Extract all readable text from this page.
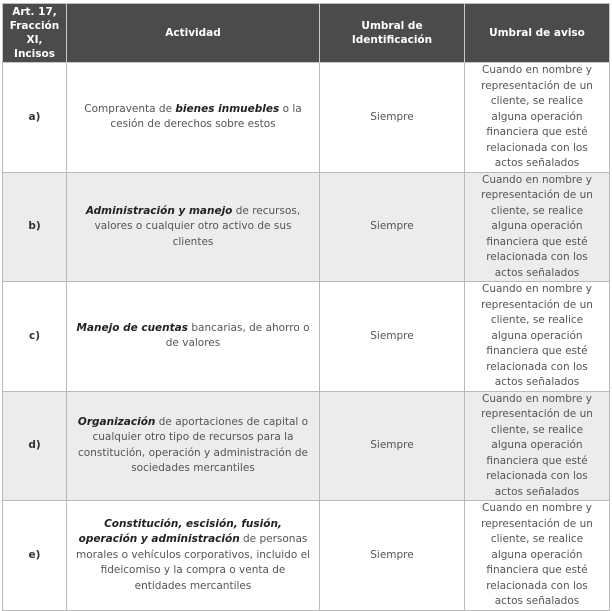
Art. 17, Fracción XI, Incisos	Actividad	Umbral de Identificación	Umbral de aviso
a)	Compraventa de bienes inmuebles o la cesión de derechos sobre estos	Siempre	Cuando en nombre y representación de un cliente, se realice alguna operación financiera que esté relacionada con los actos señalados
b)	Administración y manejo de recursos, valores o cualquier otro activo de sus clientes	Siempre	Cuando en nombre y representación de un cliente, se realice alguna operación financiera que esté relacionada con los actos señalados
c)	Manejo de cuentas bancarias, de ahorro o de valores	Siempre	Cuando en nombre y representación de un cliente, se realice alguna operación financiera que esté relacionada con los actos señalados
d)	Organización de aportaciones de capital o cualquier otro tipo de recursos para la constitución, operación y administración de sociedades mercantiles	Siempre	Cuando en nombre y representación de un cliente, se realice alguna operación financiera que esté relacionada con los actos señalados
e)	Constitución, escisión, fusión, operación y administración de personas morales o vehículos corporativos, incluido el fideicomiso y la compra o venta de entidades mercantiles	Siempre	Cuando en nombre y representación de un cliente, se realice alguna operación financiera que esté relacionada con los actos señalados
